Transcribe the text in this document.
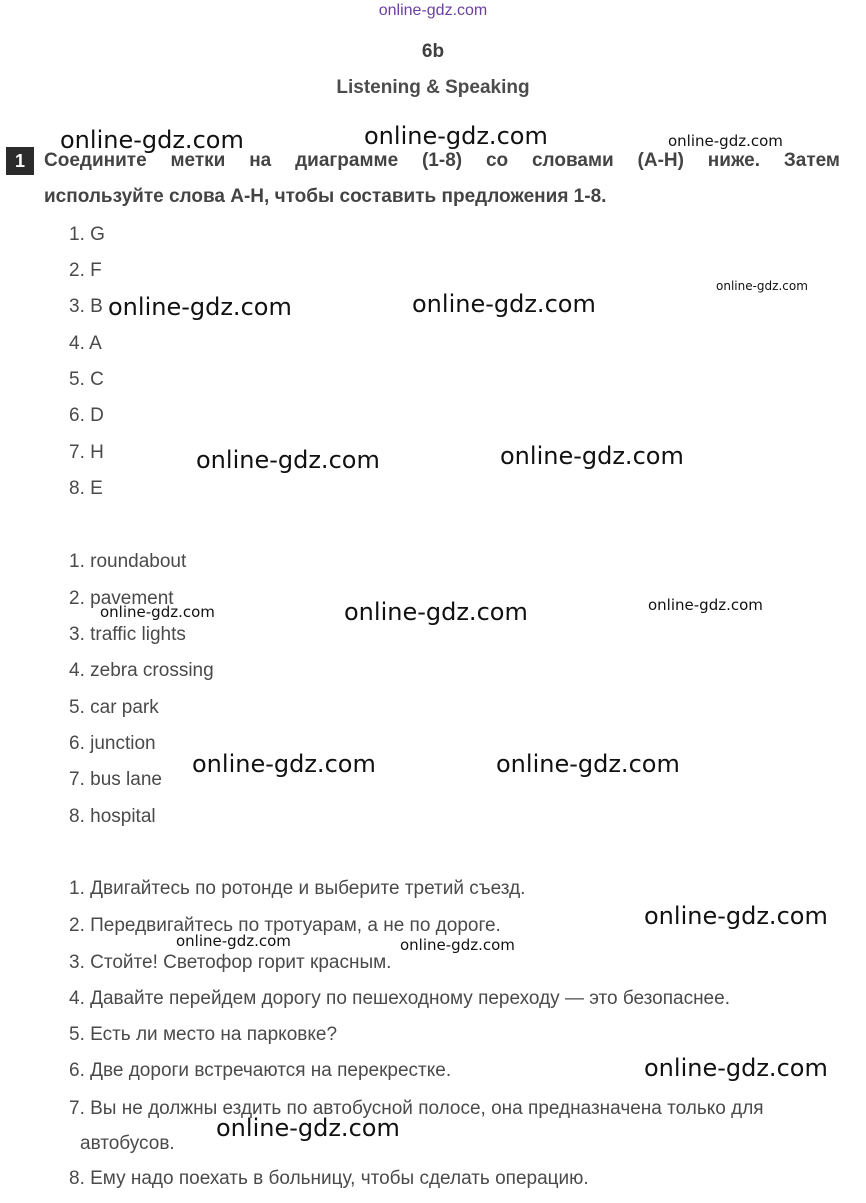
online-gdz.com
6b
Listening & Speaking
1	Соедините метки на диаграмме (1-8) со словами (A-H) ниже. Затем
используйте слова A-H, чтобы составить предложения 1-8.
1. G
2. F
3. B
4. A
5. C
6. D
7. H
8. E
1. roundabout
2. pavement
3. traffic lights
4. zebra crossing
5. car park
6. junction
7. bus lane
8. hospital
1. Двигайтесь по ротонде и выберите третий съезд.
2. Передвигайтесь по тротуарам, а не по дороге.
3. Стойте! Светофор горит красным.
4. Давайте перейдем дорогу по пешеходному переходу — это безопаснее.
5. Есть ли место на парковке?
6. Две дороги встречаются на перекрестке.
7. Вы не должны ездить по автобусной полосе, она предназначена только для
автобусов.
8. Ему надо поехать в больницу, чтобы сделать операцию.
online-gdz.com	online-gdz.com	online-gdz.com
online-gdz.com	online-gdz.com
online-gdz.com
online-gdz.com	online-gdz.com
online-gdz.com	online-gdz.com	online-gdz.com
online-gdz.com	online-gdz.com
online-gdz.com
online-gdz.com	online-gdz.com
online-gdz.com
online-gdz.com
